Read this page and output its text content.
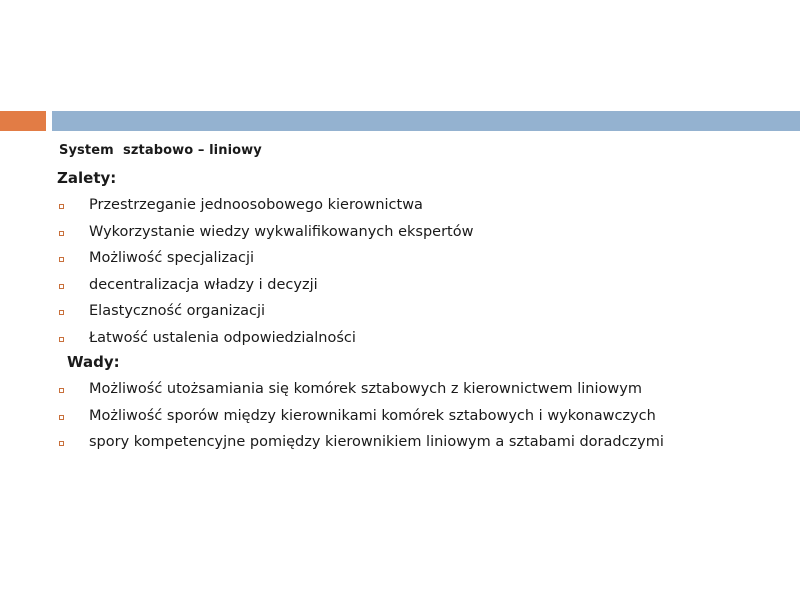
System  sztabowo – liniowy
Zalety:
Przestrzeganie jednoosobowego kierownictwa
Wykorzystanie wiedzy wykwalifikowanych ekspertów
Możliwość specjalizacji
decentralizacja władzy i decyzji
Elastyczność organizacji
Łatwość ustalenia odpowiedzialności
Wady:
Możliwość utożsamiania się komórek sztabowych z kierownictwem liniowym
Możliwość sporów między kierownikami komórek sztabowych i wykonawczych
spory kompetencyjne pomiędzy kierownikiem liniowym a sztabami doradczymi
